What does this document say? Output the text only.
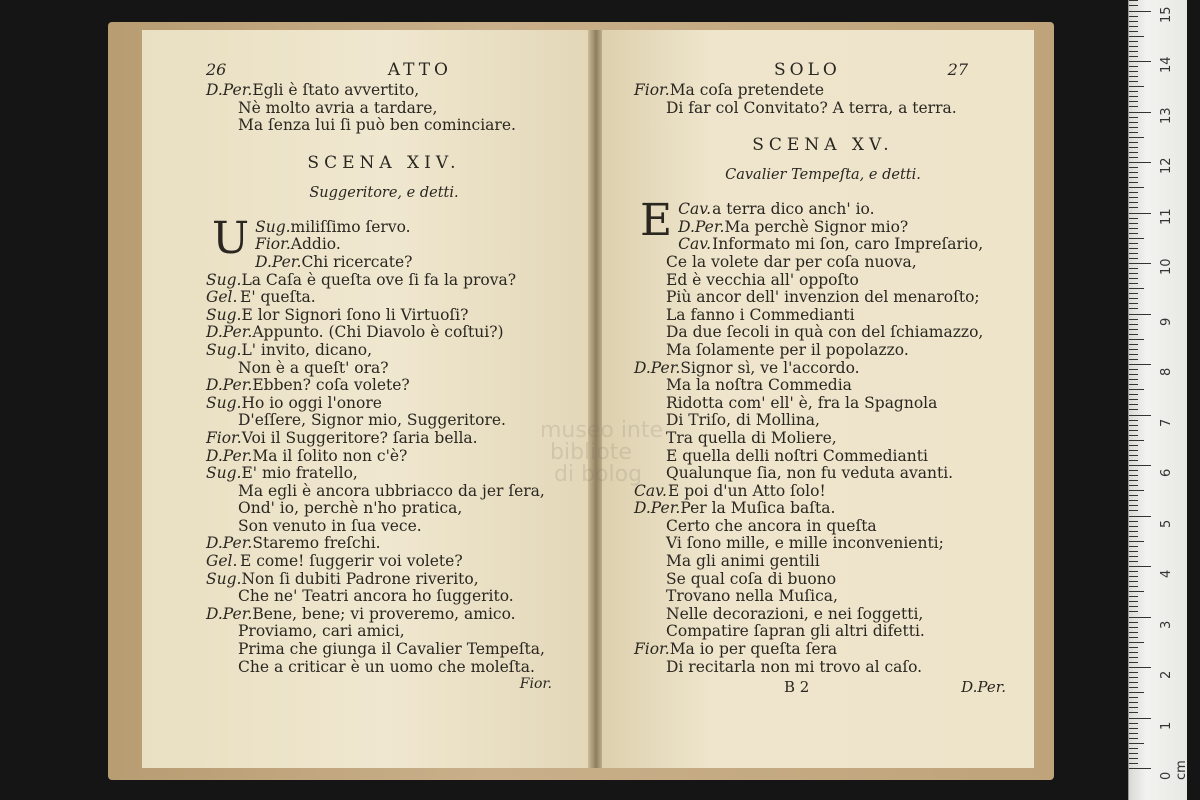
26	ATTO
D.Per.Egli è ſtato avvertito,
Nè molto avria a tardare,
Ma ſenza lui ſi può ben cominciare.
SCENA XIV.
Suggeritore, e detti.
Sug.
U	miliſſimo ſervo.
Fior.Addio.
D.Per.Chi ricercate?
Sug.La Caſa è queſta ove ſi fa la prova?
Gel. E' queſta.
Sug.E lor Signori ſono li Virtuoſi?
D.Per.Appunto. (Chi Diavolo è coſtui?)
Sug.L' invito, dicano,
Non è a queſt' ora?
D.Per.Ebben? coſa volete?
Sug.Ho io oggi l'onore
D'eſſere, Signor mio, Suggeritore.
Fior.Voi il Suggeritore? ſaria bella.
D.Per.Ma il ſolito non c'è?
Sug.E' mio fratello,
Ma egli è ancora ubbriacco da jer ſera,
Ond' io, perchè n'ho pratica,
Son venuto in ſua vece.
D.Per.Staremo freſchi.
Gel. E come! ſuggerir voi volete?
Sug.Non ſi dubiti Padrone riverito,
Che ne' Teatri ancora ho ſuggerito.
D.Per.Bene, bene; vi proveremo, amico.
Proviamo, cari amici,
Prima che giunga il Cavalier Tempeſta,
Che a criticar è un uomo che moleſta.
Fior.
SOLO	27
Fior.Ma coſa pretendete
Di far col Convitato? A terra, a terra.
SCENA XV.
Cavalier Tempeſta, e detti.
Cav.
E	a terra dico anch' io.
D.Per.Ma perchè Signor mio?
Cav.Informato mi ſon, caro Impreſario,
Ce la volete dar per coſa nuova,
Ed è vecchia all' oppoſto
Più ancor dell' invenzion del menaroſto;
La fanno i Commedianti
Da due ſecoli in quà con del ſchiamazzo,
Ma ſolamente per il popolazzo.
D.Per.Signor sì, ve l'accordo.
Ma la noſtra Commedia
Ridotta com' ell' è, fra la Spagnola
Di Triſo, di Mollina,
Tra quella di Moliere,
E quella delli noſtri Commedianti
Qualunque ſia, non fu veduta avanti.
Cav.E poi d'un Atto ſolo!
D.Per.Per la Muſica baſta.
Certo che ancora in queſta
Vi ſono mille, e mille inconvenienti;
Ma gli animi gentili
Se qual coſa di buono
Trovano nella Muſica,
Nelle decorazioni, e nei ſoggetti,
Compatire ſapran gli altri difetti.
Fior.Ma io per queſta ſera
Di recitarla non mi trovo al caſo.
B 2	D.Per.
0 cm
1
2
3
4
5
6
7
8
9
10
11
12
13
14
15
